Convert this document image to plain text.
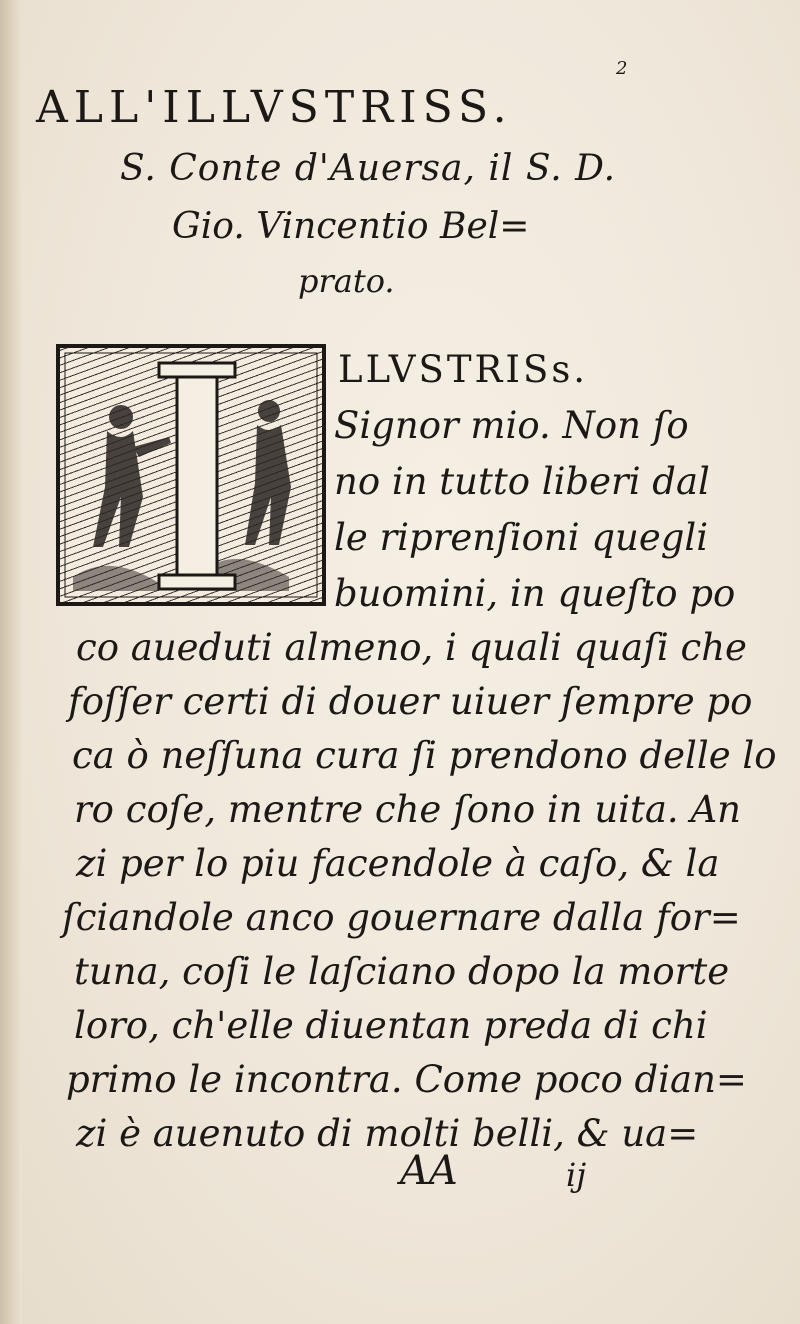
2
ALL'ILLVSTRISS.
S. Conte d'Auersa, il S. D.
Gio. Vincentio Bel=
prato.
LLVSTRISs.
Signor mio. Non ſo
no in tutto liberi dal
le riprenſioni quegli
buomini, in queſto po
co aueduti almeno, i quali quaſi che
foſſer certi di douer uiuer ſempre po
ca ò neſſuna cura ſi prendono delle lo
ro coſe, mentre che ſono in uita. An
zi per lo piu facendole à caſo, & la
ſciandole anco gouernare dalla for=
tuna, coſi le laſciano dopo la morte
loro, ch'elle diuentan preda di chi
primo le incontra. Come poco dian=
zi è auenuto di molti belli, & ua=
AA	ij
